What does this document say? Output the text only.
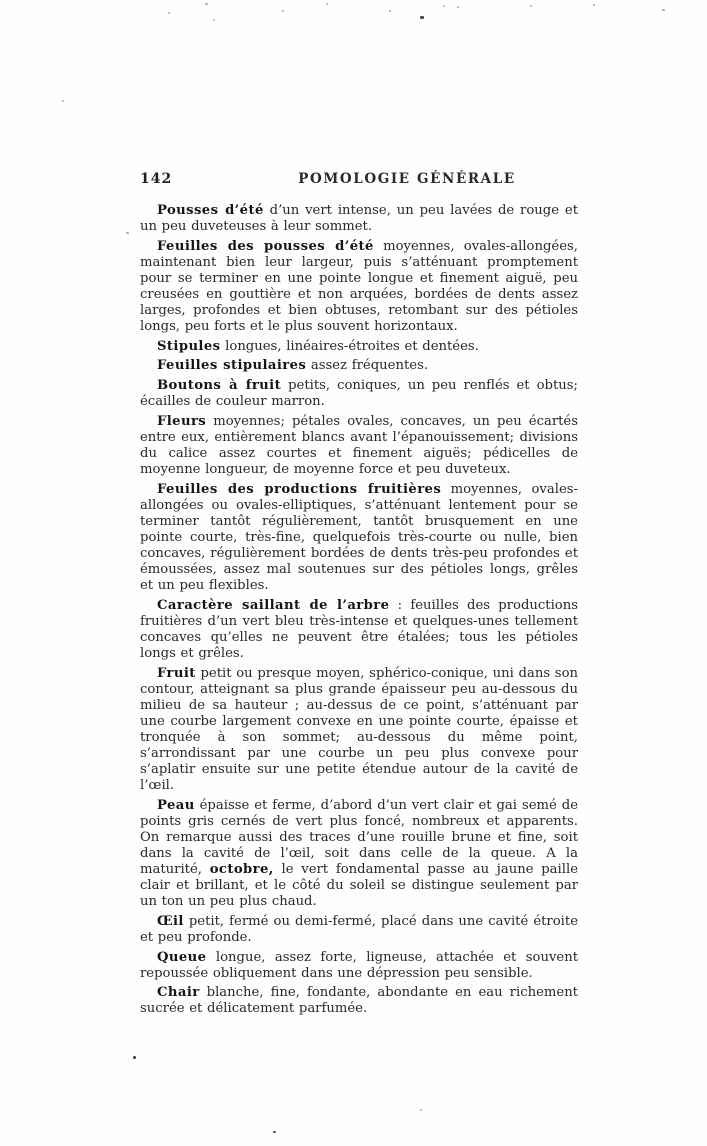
142	POMOLOGIE GÉNÉRALE

Pousses d’été d’un vert intense, un peu lavées de rouge et un peu duveteuses à leur sommet.

Feuilles des pousses d’été moyennes, ovales-allongées, maintenant bien leur largeur, puis s’atténuant promptement pour se terminer en une pointe longue et finement aiguë, peu creusées en gouttière et non arquées, bordées de dents assez larges, profondes et bien obtuses, retombant sur des pétioles longs, peu forts et le plus souvent horizontaux.

Stipules longues, linéaires-étroites et dentées.

Feuilles stipulaires assez fréquentes.

Boutons à fruit petits, coniques, un peu renflés et obtus; écailles de couleur marron.

Fleurs moyennes; pétales ovales, concaves, un peu écartés entre eux, entièrement blancs avant l’épanouissement; divisions du calice assez courtes et finement aiguës; pédicelles de moyenne longueur, de moyenne force et peu duveteux.

Feuilles des productions fruitières moyennes, ovales-allongées ou ovales-elliptiques, s’atténuant lentement pour se terminer tantôt régulièrement, tantôt brusquement en une pointe courte, très-fine, quelquefois très-courte ou nulle, bien concaves, régulièrement bordées de dents très-peu profondes et émoussées, assez mal soutenues sur des pétioles longs, grêles et un peu flexibles.

Caractère saillant de l’arbre : feuilles des productions fruitières d’un vert bleu très-intense et quelques-unes tellement concaves qu’elles ne peuvent être étalées; tous les pétioles longs et grêles.

Fruit petit ou presque moyen, sphérico-conique, uni dans son contour, atteignant sa plus grande épaisseur peu au-dessous du milieu de sa hauteur ; au-dessus de ce point, s’atténuant par une courbe largement convexe en une pointe courte, épaisse et tronquée à son sommet; au-dessous du même point, s’arrondissant par une courbe un peu plus convexe pour s’aplatir ensuite sur une petite étendue autour de la cavité de l’œil.

Peau épaisse et ferme, d’abord d’un vert clair et gai semé de points gris cernés de vert plus foncé, nombreux et apparents. On remarque aussi des traces d’une rouille brune et fine, soit dans la cavité de l’œil, soit dans celle de la queue. A la maturité, octobre, le vert fondamental passe au jaune paille clair et brillant, et le côté du soleil se distingue seulement par un ton un peu plus chaud.

Œil petit, fermé ou demi-fermé, placé dans une cavité étroite et peu profonde.

Queue longue, assez forte, ligneuse, attachée et souvent repoussée obliquement dans une dépression peu sensible.

Chair blanche, fine, fondante, abondante en eau richement sucrée et délicatement parfumée.
